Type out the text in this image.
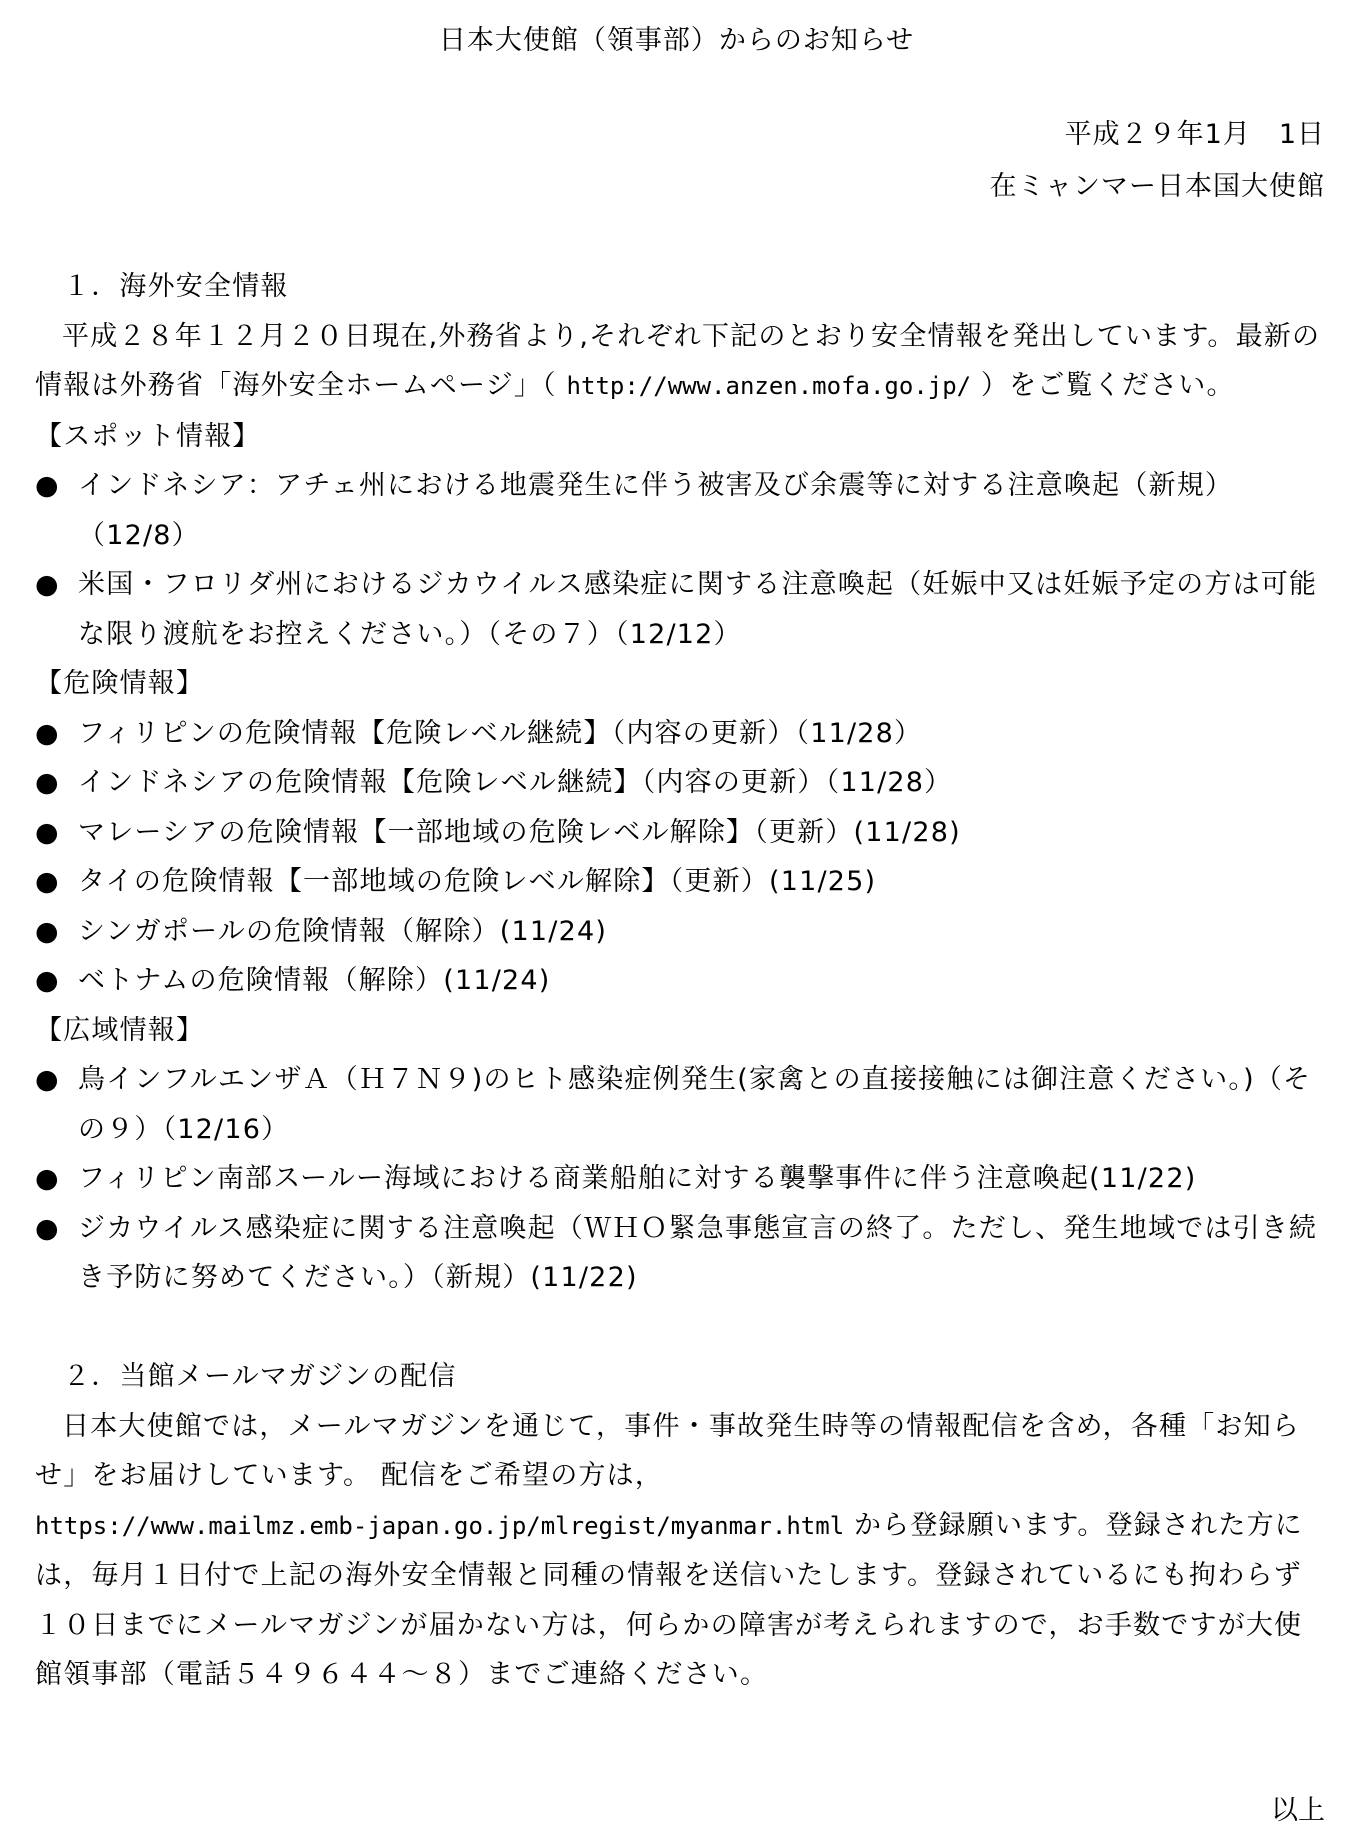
日本大使館（領事部）からのお知らせ
平成２９年1月　1日
在ミャンマー日本国大使館

１．海外安全情報

平成２８年１２月２０日現在,外務省より,それぞれ下記のとおり安全情報を発出しています。最新の情報は外務省「海外安全ホームページ」（ http://www.anzen.mofa.go.jp/ ）をご覧ください。

【スポット情報】

● インドネシア：アチェ州における地震発生に伴う被害及び余震等に対する注意喚起（新規）（12/8）

● 米国・フロリダ州におけるジカウイルス感染症に関する注意喚起（妊娠中又は妊娠予定の方は可能な限り渡航をお控えください。）（その７）（12/12）

【危険情報】

● フィリピンの危険情報【危険レベル継続】（内容の更新）（11/28）

● インドネシアの危険情報【危険レベル継続】（内容の更新）（11/28）

● マレーシアの危険情報【一部地域の危険レベル解除】（更新）(11/28)

● タイの危険情報【一部地域の危険レベル解除】（更新）(11/25)

● シンガポールの危険情報（解除）(11/24)

● ベトナムの危険情報（解除）(11/24)

【広域情報】

● 鳥インフルエンザＡ（Ｈ７Ｎ９)のヒト感染症例発生(家禽との直接接触には御注意ください。)（その９）（12/16）

● フィリピン南部スールー海域における商業船舶に対する襲撃事件に伴う注意喚起(11/22)

● ジカウイルス感染症に関する注意喚起（ＷＨＯ緊急事態宣言の終了。ただし、発生地域では引き続き予防に努めてください。）（新規）(11/22)

２．当館メールマガジンの配信

日本大使館では，メールマガジンを通じて，事件・事故発生時等の情報配信を含め，各種「お知らせ」をお届けしています。 配信をご希望の方は，
https://www.mailmz.emb-japan.go.jp/mlregist/myanmar.html から登録願います。登録された方には，毎月１日付で上記の海外安全情報と同種の情報を送信いたします。登録されているにも拘わらず１０日までにメールマガジンが届かない方は，何らかの障害が考えられますので，お手数ですが大使館領事部（電話５４９６４４～８）までご連絡ください。

以上
